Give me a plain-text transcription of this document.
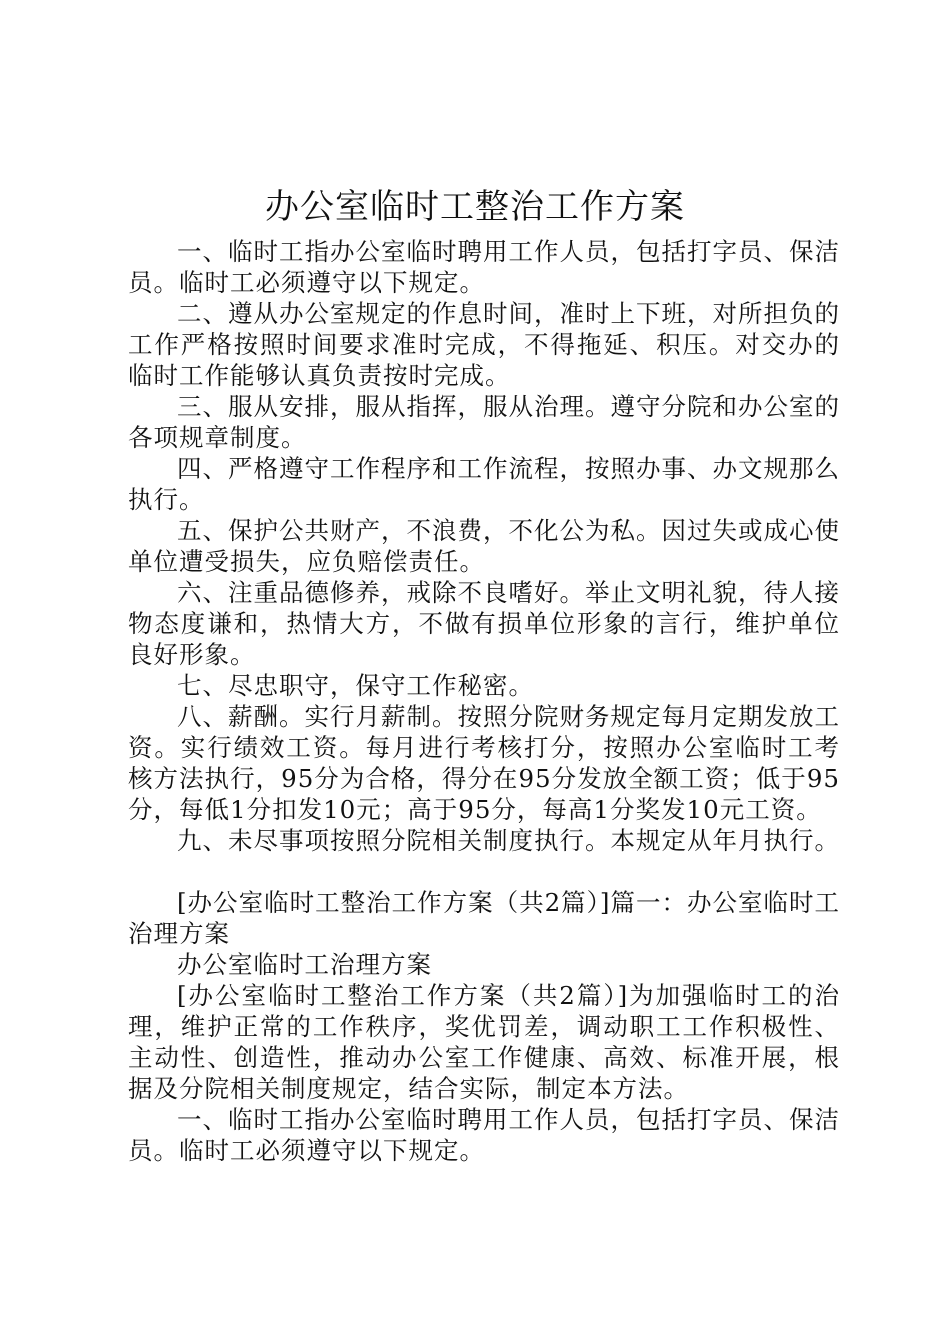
办公室临时工整治工作方案

一、临时工指办公室临时聘用工作人员，包括打字员、保洁员。临时工必须遵守以下规定。

二、遵从办公室规定的作息时间，准时上下班，对所担负的工作严格按照时间要求准时完成，不得拖延、积压。对交办的临时工作能够认真负责按时完成。

三、服从安排，服从指挥，服从治理。遵守分院和办公室的各项规章制度。

四、严格遵守工作程序和工作流程，按照办事、办文规那么执行。

五、保护公共财产，不浪费，不化公为私。因过失或成心使单位遭受损失，应负赔偿责任。

六、注重品德修养，戒除不良嗜好。举止文明礼貌，待人接物态度谦和，热情大方，不做有损单位形象的言行，维护单位良好形象。

七、尽忠职守，保守工作秘密。

八、薪酬。实行月薪制。按照分院财务规定每月定期发放工资。实行绩效工资。每月进行考核打分，按照办公室临时工考核方法执行，95分为合格，得分在95分发放全额工资；低于95分，每低1分扣发10元；高于95分，每高1分奖发10元工资。

九、未尽事项按照分院相关制度执行。本规定从年月执行。

[办公室临时工整治工作方案（共2篇）]篇一：办公室临时工治理方案

办公室临时工治理方案

[办公室临时工整治工作方案（共2篇）]为加强临时工的治理，维护正常的工作秩序，奖优罚差，调动职工工作积极性、主动性、创造性，推动办公室工作健康、高效、标准开展，根据及分院相关制度规定，结合实际，制定本方法。

一、临时工指办公室临时聘用工作人员，包括打字员、保洁员。临时工必须遵守以下规定。
